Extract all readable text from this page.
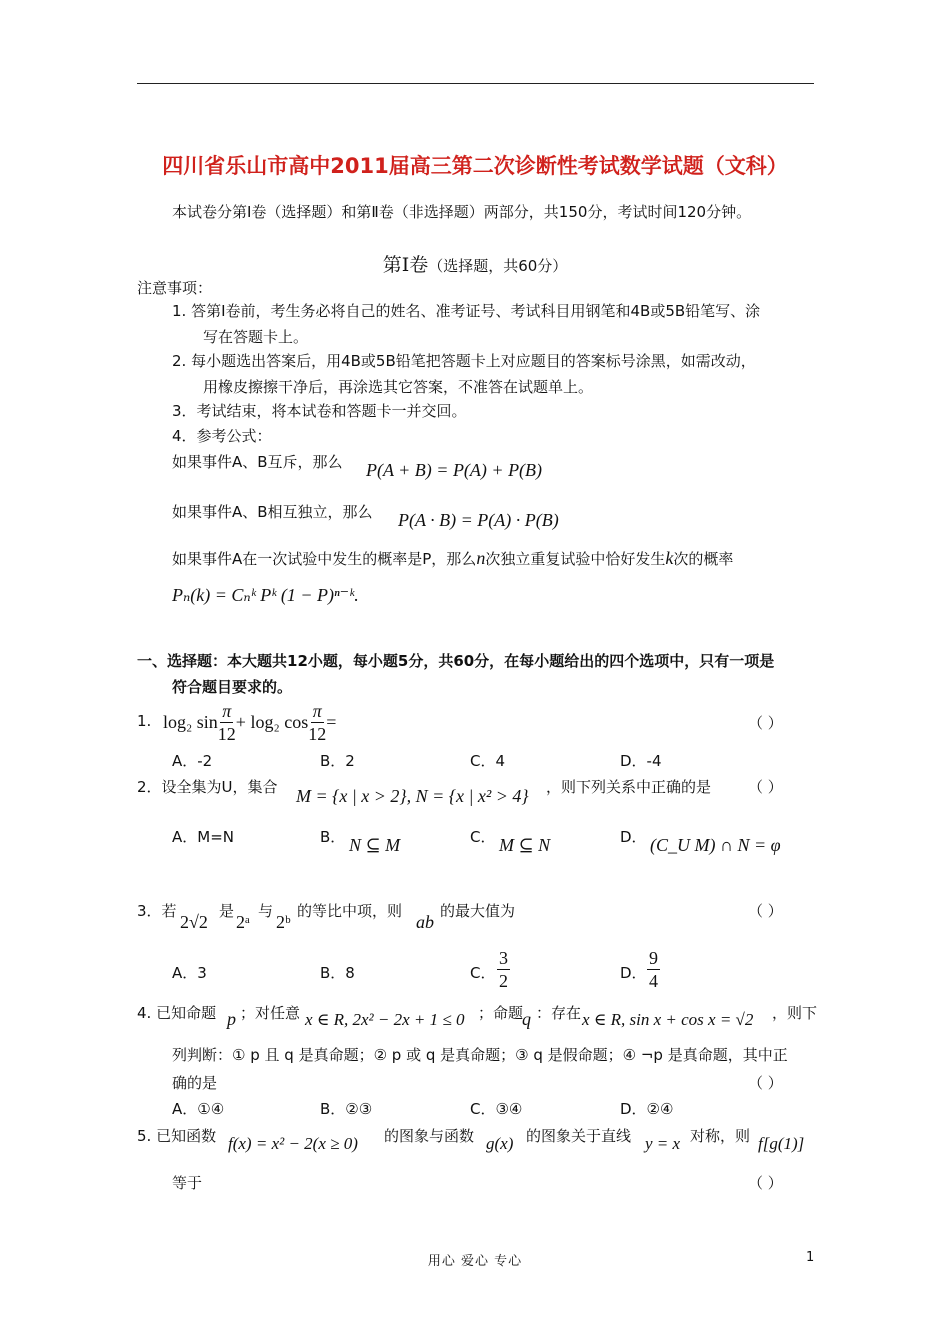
四川省乐山市高中2011届高三第二次诊断性考试数学试题（文科）
本试卷分第Ⅰ卷（选择题）和第Ⅱ卷（非选择题）两部分，共150分，考试时间120分钟。
第Ⅰ卷（选择题，共60分）
注意事项：
1. 答第Ⅰ卷前，考生务必将自己的姓名、准考证号、考试科目用钢笔和4B或5B铅笔写、涂
写在答题卡上。
2. 每小题选出答案后，用4B或5B铅笔把答题卡上对应题目的答案标号涂黑，如需改动，
用橡皮擦擦干净后，再涂选其它答案，不准答在试题单上。
3．考试结束，将本试卷和答题卡一并交回。
4．参考公式：
如果事件A、B互斥，那么 P(A + B) = P(A) + P(B)
如果事件A、B相互独立，那么 P(A · B) = P(A) · P(B)
如果事件A在一次试验中发生的概率是P，那么n次独立重复试验中恰好发生k次的概率
Pₙ(k) = Cₙᵏ Pᵏ (1 − P)ⁿ⁻ᵏ.
一、选择题：本大题共12小题，每小题5分，共60分，在每小题给出的四个选项中，只有一项是
符合题目要求的。
1. log₂ $\sin \frac{\pi}{12} + \log_2$ $\cos \frac{\pi}{12}$ =	（ ）
A．-2	B．2	C．4	D．-4
2．设全集为U，集合 M = {x | x > 2}, N = {x | x² > 4} ，则下列关系中正确的是 （ ）
A．M=N	B． N ⊆ M	C． M ⊆ N	D． (C_U M) ∩ N = φ
3．若
2√2
是
2ᵃ
与
2ᵇ
的等比中项，则
ab
的最大值为	（ ）
A．3	B．8	C． $\frac{3}{2}$	D． $\frac{9}{4}$
4. 已知命题 p ；对任意 x ∈ R, 2x² − 2x + 1 ≤ 0 ；命题
q ：存在 x ∈ R, sin x + cos x = √2 ，则下
列判断：① p 且 q 是真命题；② p 或 q 是真命题；③ q 是假命题；④ ¬p 是真命题，其中正
确的是	（ ）
A．①④	B．②③	C．③④	D．②④
5. 已知函数 f(x) = x² − 2(x ≥ 0) 的图象与函数 g(x) 的图象关于直线 y = x 对称，则 f[g(1)]
等于	（ ）
用心 爱心 专心	1
